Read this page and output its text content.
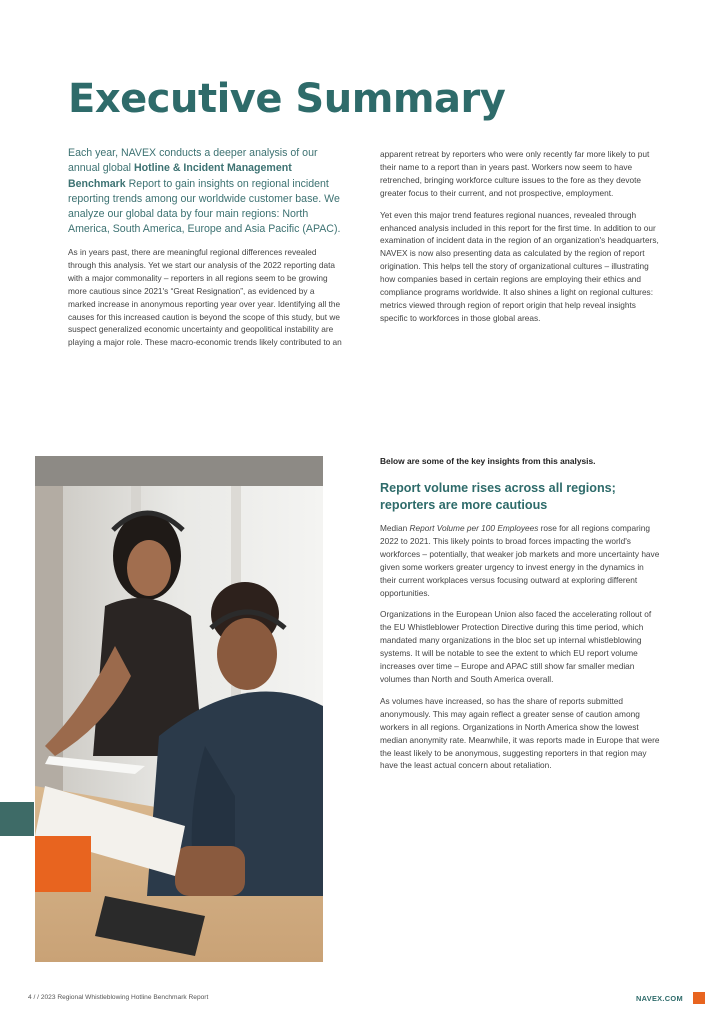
Executive Summary

Each year, NAVEX conducts a deeper analysis of our annual global Hotline & Incident Management Benchmark Report to gain insights on regional incident reporting trends among our worldwide customer base. We analyze our global data by four main regions: North America, South America, Europe and Asia Pacific (APAC).

As in years past, there are meaningful regional differences revealed through this analysis. Yet we start our analysis of the 2022 reporting data with a major commonality – reporters in all regions seem to be growing more cautious since 2021's “Great Resignation”, as evidenced by a marked increase in anonymous reporting year over year. Identifying all the causes for this increased caution is beyond the scope of this study, but we suspect generalized economic uncertainty and geopolitical instability are playing a major role. These macro-economic trends likely contributed to an

apparent retreat by reporters who were only recently far more likely to put their name to a report than in years past. Workers now seem to have retrenched, bringing workforce culture issues to the fore as they devote greater focus to their current, and not prospective, employment.

Yet even this major trend features regional nuances, revealed through enhanced analysis included in this report for the first time. In addition to our examination of incident data in the region of an organization's headquarters, NAVEX is now also presenting data as calculated by the region of report origination. This helps tell the story of organizational cultures – illustrating how companies based in certain regions are employing their ethics and compliance programs worldwide. It also shines a light on regional cultures: metrics viewed through region of report origin that help reveal insights specific to workforces in those global areas.

Below are some of the key insights from this analysis.

Report volume rises across all regions; reporters are more cautious

Median Report Volume per 100 Employees rose for all regions comparing 2022 to 2021. This likely points to broad forces impacting the world's workforces – potentially, that weaker job markets and more uncertainty have given some workers greater urgency to invest energy in the dynamics in their current workplaces versus focusing outward at exploring different opportunities.

Organizations in the European Union also faced the accelerating rollout of the EU Whistleblower Protection Directive during this time period, which mandated many organizations in the bloc set up internal whistleblowing systems. It will be notable to see the extent to which EU report volume increases over time – Europe and APAC still show far smaller median volumes than North and South America overall.

As volumes have increased, so has the share of reports submitted anonymously. This may again reflect a greater sense of caution among workers in all regions. Organizations in North America show the lowest median anonymity rate. Meanwhile, it was reports made in Europe that were the least likely to be anonymous, suggesting reporters in that region may have the least actual concern about retaliation.

4 / / 2023 Regional Whistleblowing Hotline Benchmark Report	NAVEX.COM
